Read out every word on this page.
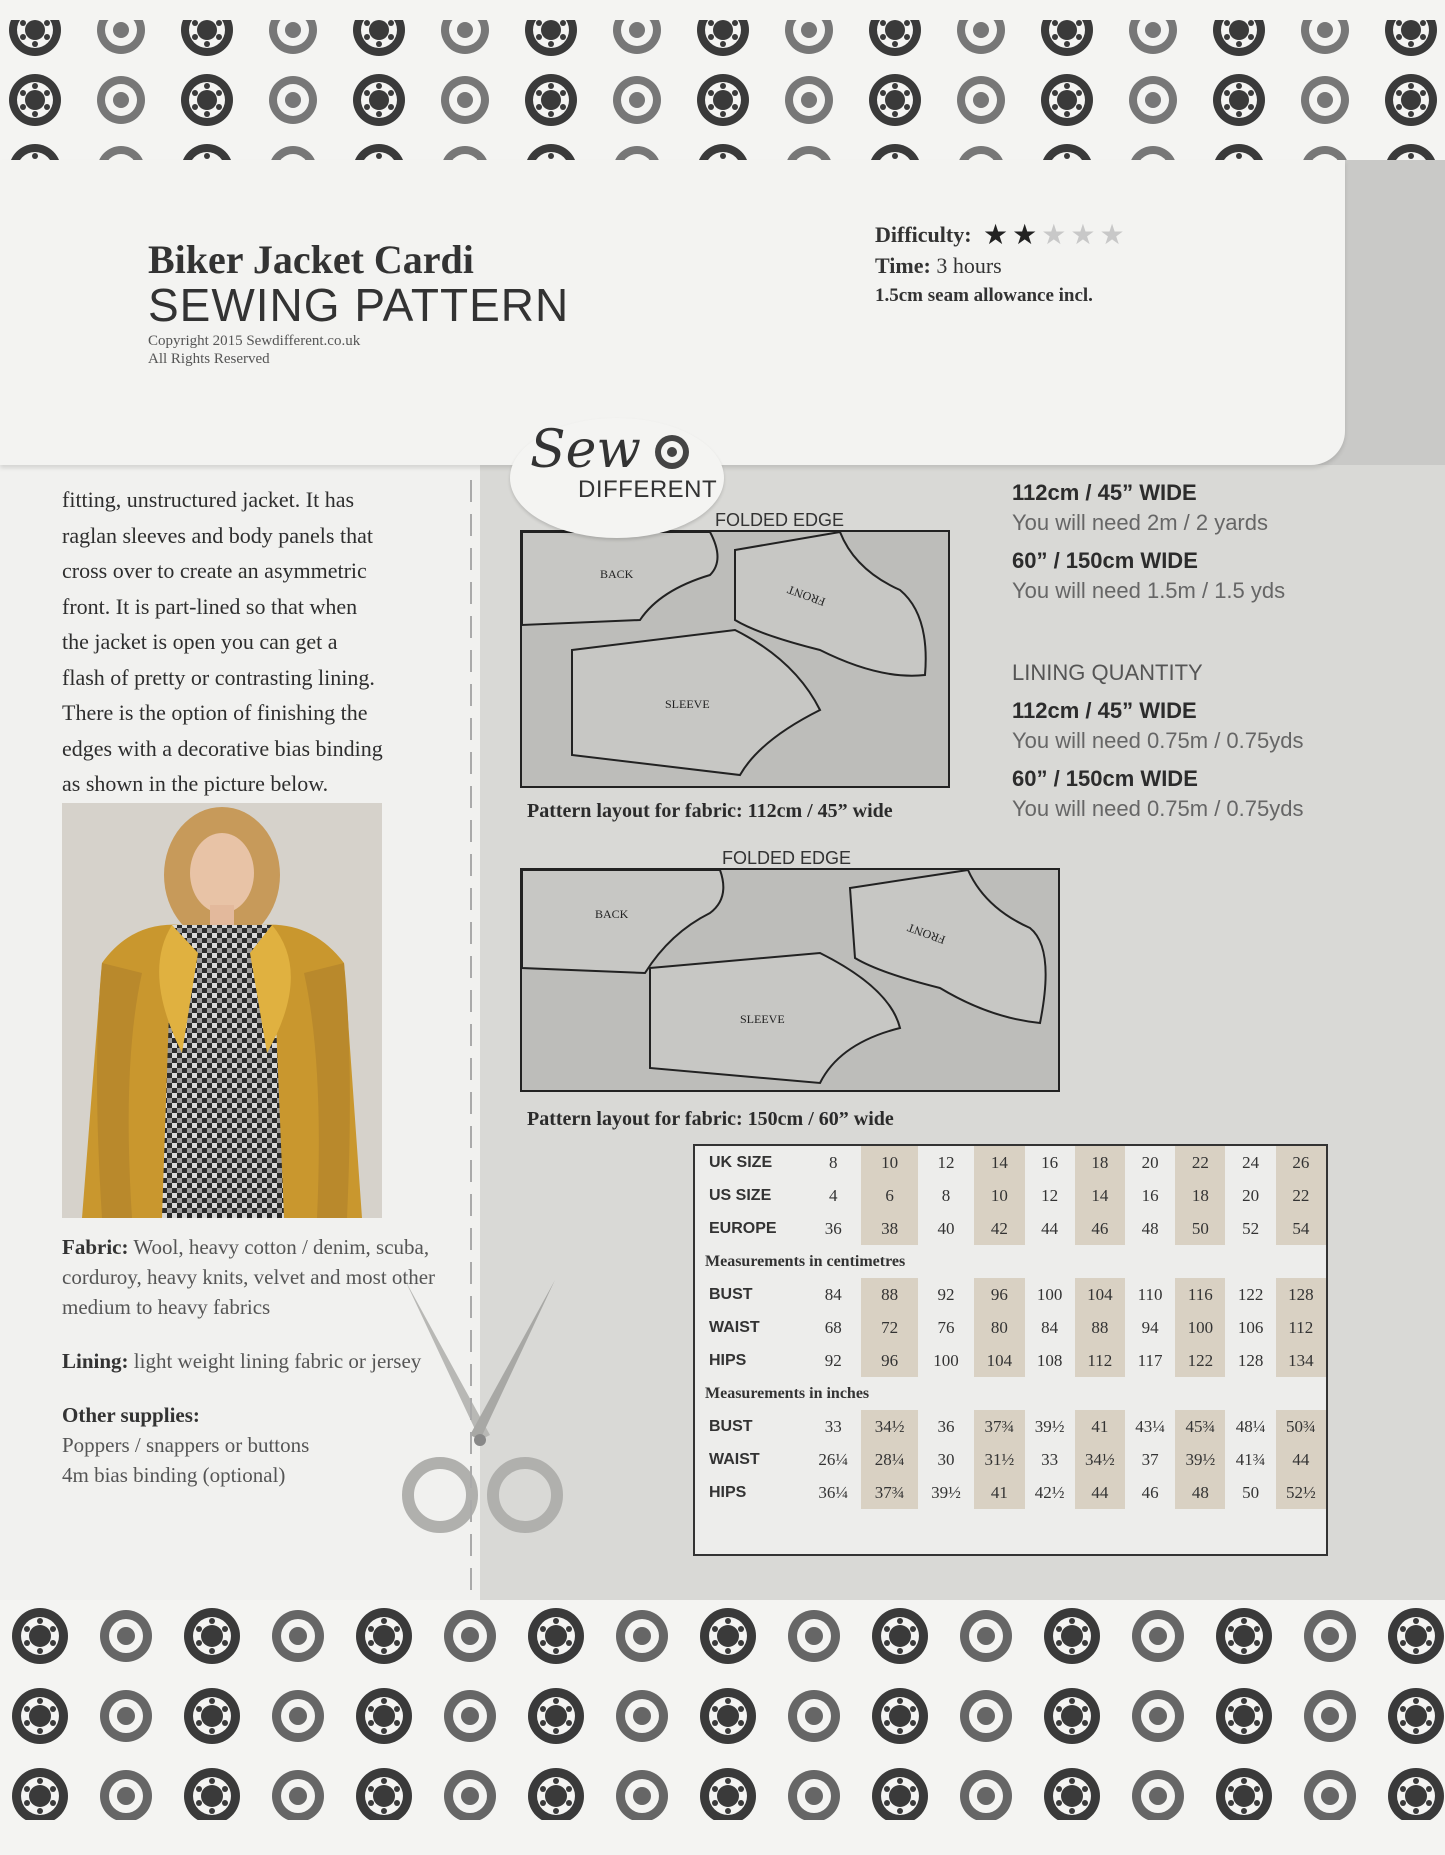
Biker Jacket Cardi
SEWING PATTERN
Copyright 2015 Sewdifferent.co.uk
All Rights Reserved
Difficulty: ★★★★★
Time: 3 hours
1.5cm seam allowance incl.
Sew
DIFFERENT
fitting, unstructured jacket. It has
raglan sleeves and body panels that
cross over to create an asymmetric
front. It is part-lined so that when
the jacket is open you can get a
flash of pretty or contrasting lining.
There is the option of finishing the
edges with a decorative bias binding
as shown in the picture below.

Fabric: Wool, heavy cotton / denim, scuba, corduroy, heavy knits, velvet and most other medium to heavy fabrics

Lining: light weight lining fabric or jersey

Other supplies:
Poppers / snappers or buttons
4m bias binding (optional)

FOLDED EDGE
BACK
FRONT
SLEEVE
Pattern layout for fabric: 112cm / 45” wide
FOLDED EDGE
BACK
FRONT
SLEEVE
Pattern layout for fabric: 150cm / 60” wide
112cm / 45” WIDE
You will need 2m / 2 yards
60” / 150cm WIDE
You will need 1.5m / 1.5 yds
LINING QUANTITY
112cm / 45” WIDE
You will need 0.75m / 0.75yds
60” / 150cm WIDE
You will need 0.75m / 0.75yds
UK SIZE	8	10	12	14	16	18	20	22	24	26
US SIZE	4	6	8	10	12	14	16	18	20	22
EUROPE	36	38	40	42	44	46	48	50	52	54
Measurements in centimetres										
BUST	84	88	92	96	100	104	110	116	122	128
WAIST	68	72	76	80	84	88	94	100	106	112
HIPS	92	96	100	104	108	112	117	122	128	134
Measurements in inches										
BUST	33	34½	36	37¾	39½	41	43¼	45¾	48¼	50¾
WAIST	26¼	28¼	30	31½	33	34½	37	39½	41¾	44
HIPS	36¼	37¾	39½	41	42½	44	46	48	50	52½
